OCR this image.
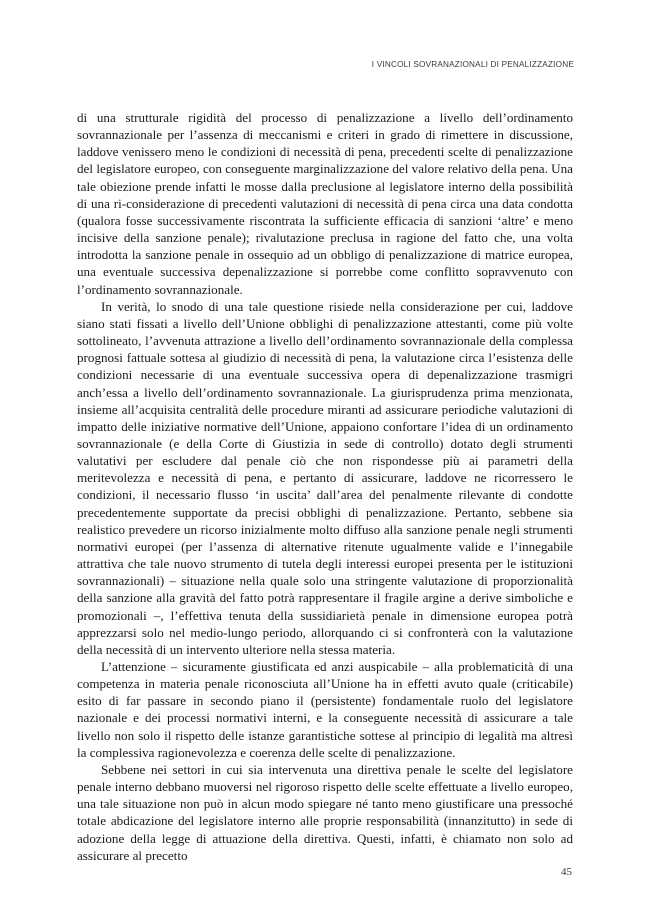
I VINCOLI SOVRANAZIONALI DI PENALIZZAZIONE

di una strutturale rigidità del processo di penalizzazione a livello dell’ordinamento sovrannazionale per l’assenza di meccanismi e criteri in grado di rimettere in discussione, laddove venissero meno le condizioni di necessità di pena, precedenti scelte di penalizzazione del legislatore europeo, con conseguente marginalizzazione del valore relativo della pena. Una tale obiezione prende infatti le mosse dalla preclusione al legislatore interno della possibilità di una ri-considerazione di precedenti valutazioni di necessità di pena circa una data condotta (qualora fosse successivamente riscontrata la sufficiente efficacia di sanzioni ‘altre’ e meno incisive della sanzione penale); rivalutazione preclusa in ragione del fatto che, una volta introdotta la sanzione penale in ossequio ad un obbligo di penalizzazione di matrice europea, una eventuale successiva depenalizzazione si porrebbe come conflitto sopravvenuto con l’ordinamento sovrannazionale.

In verità, lo snodo di una tale questione risiede nella considerazione per cui, laddove siano stati fissati a livello dell’Unione obblighi di penalizzazione attestanti, come più volte sottolineato, l’avvenuta attrazione a livello dell’ordinamento sovrannazionale della complessa prognosi fattuale sottesa al giudizio di necessità di pena, la valutazione circa l’esistenza delle condizioni necessarie di una eventuale successiva opera di depenalizzazione trasmigri anch’essa a livello dell’ordinamento sovrannazionale. La giurisprudenza prima menzionata, insieme all’acquisita centralità delle procedure miranti ad assicurare periodiche valutazioni di impatto delle iniziative normative dell’Unione, appaiono confortare l’idea di un ordinamento sovrannazionale (e della Corte di Giustizia in sede di controllo) dotato degli strumenti valutativi per escludere dal penale ciò che non rispondesse più ai parametri della meritevolezza e necessità di pena, e pertanto di assicurare, laddove ne ricorressero le condizioni, il necessario flusso ‘in uscita’ dall’area del penalmente rilevante di condotte precedentemente supportate da precisi obblighi di penalizzazione. Pertanto, sebbene sia realistico prevedere un ricorso inizialmente molto diffuso alla sanzione penale negli strumenti normativi europei (per l’assenza di alternative ritenute ugualmente valide e l’innegabile attrattiva che tale nuovo strumento di tutela degli interessi europei presenta per le istituzioni sovrannazionali) – situazione nella quale solo una stringente valutazione di proporzionalità della sanzione alla gravità del fatto potrà rappresentare il fragile argine a derive simboliche e promozionali –, l’effettiva tenuta della sussidiarietà penale in dimensione europea potrà apprezzarsi solo nel medio-lungo periodo, allorquando ci si confronterà con la valutazione della necessità di un intervento ulteriore nella stessa materia.

L’attenzione – sicuramente giustificata ed anzi auspicabile – alla problematicità di una competenza in materia penale riconosciuta all’Unione ha in effetti avuto quale (criticabile) esito di far passare in secondo piano il (persistente) fondamentale ruolo del legislatore nazionale e dei processi normativi interni, e la conseguente necessità di assicurare a tale livello non solo il rispetto delle istanze garantistiche sottese al principio di legalità ma altresì la complessiva ragionevolezza e coerenza delle scelte di penalizzazione.

Sebbene nei settori in cui sia intervenuta una direttiva penale le scelte del legislatore penale interno debbano muoversi nel rigoroso rispetto delle scelte effettuate a livello europeo, una tale situazione non può in alcun modo spiegare né tanto meno giustificare una pressoché totale abdicazione del legislatore interno alle proprie responsabilità (innanzitutto) in sede di adozione della legge di attuazione della direttiva. Questi, infatti, è chiamato non solo ad assicurare al precetto

45
